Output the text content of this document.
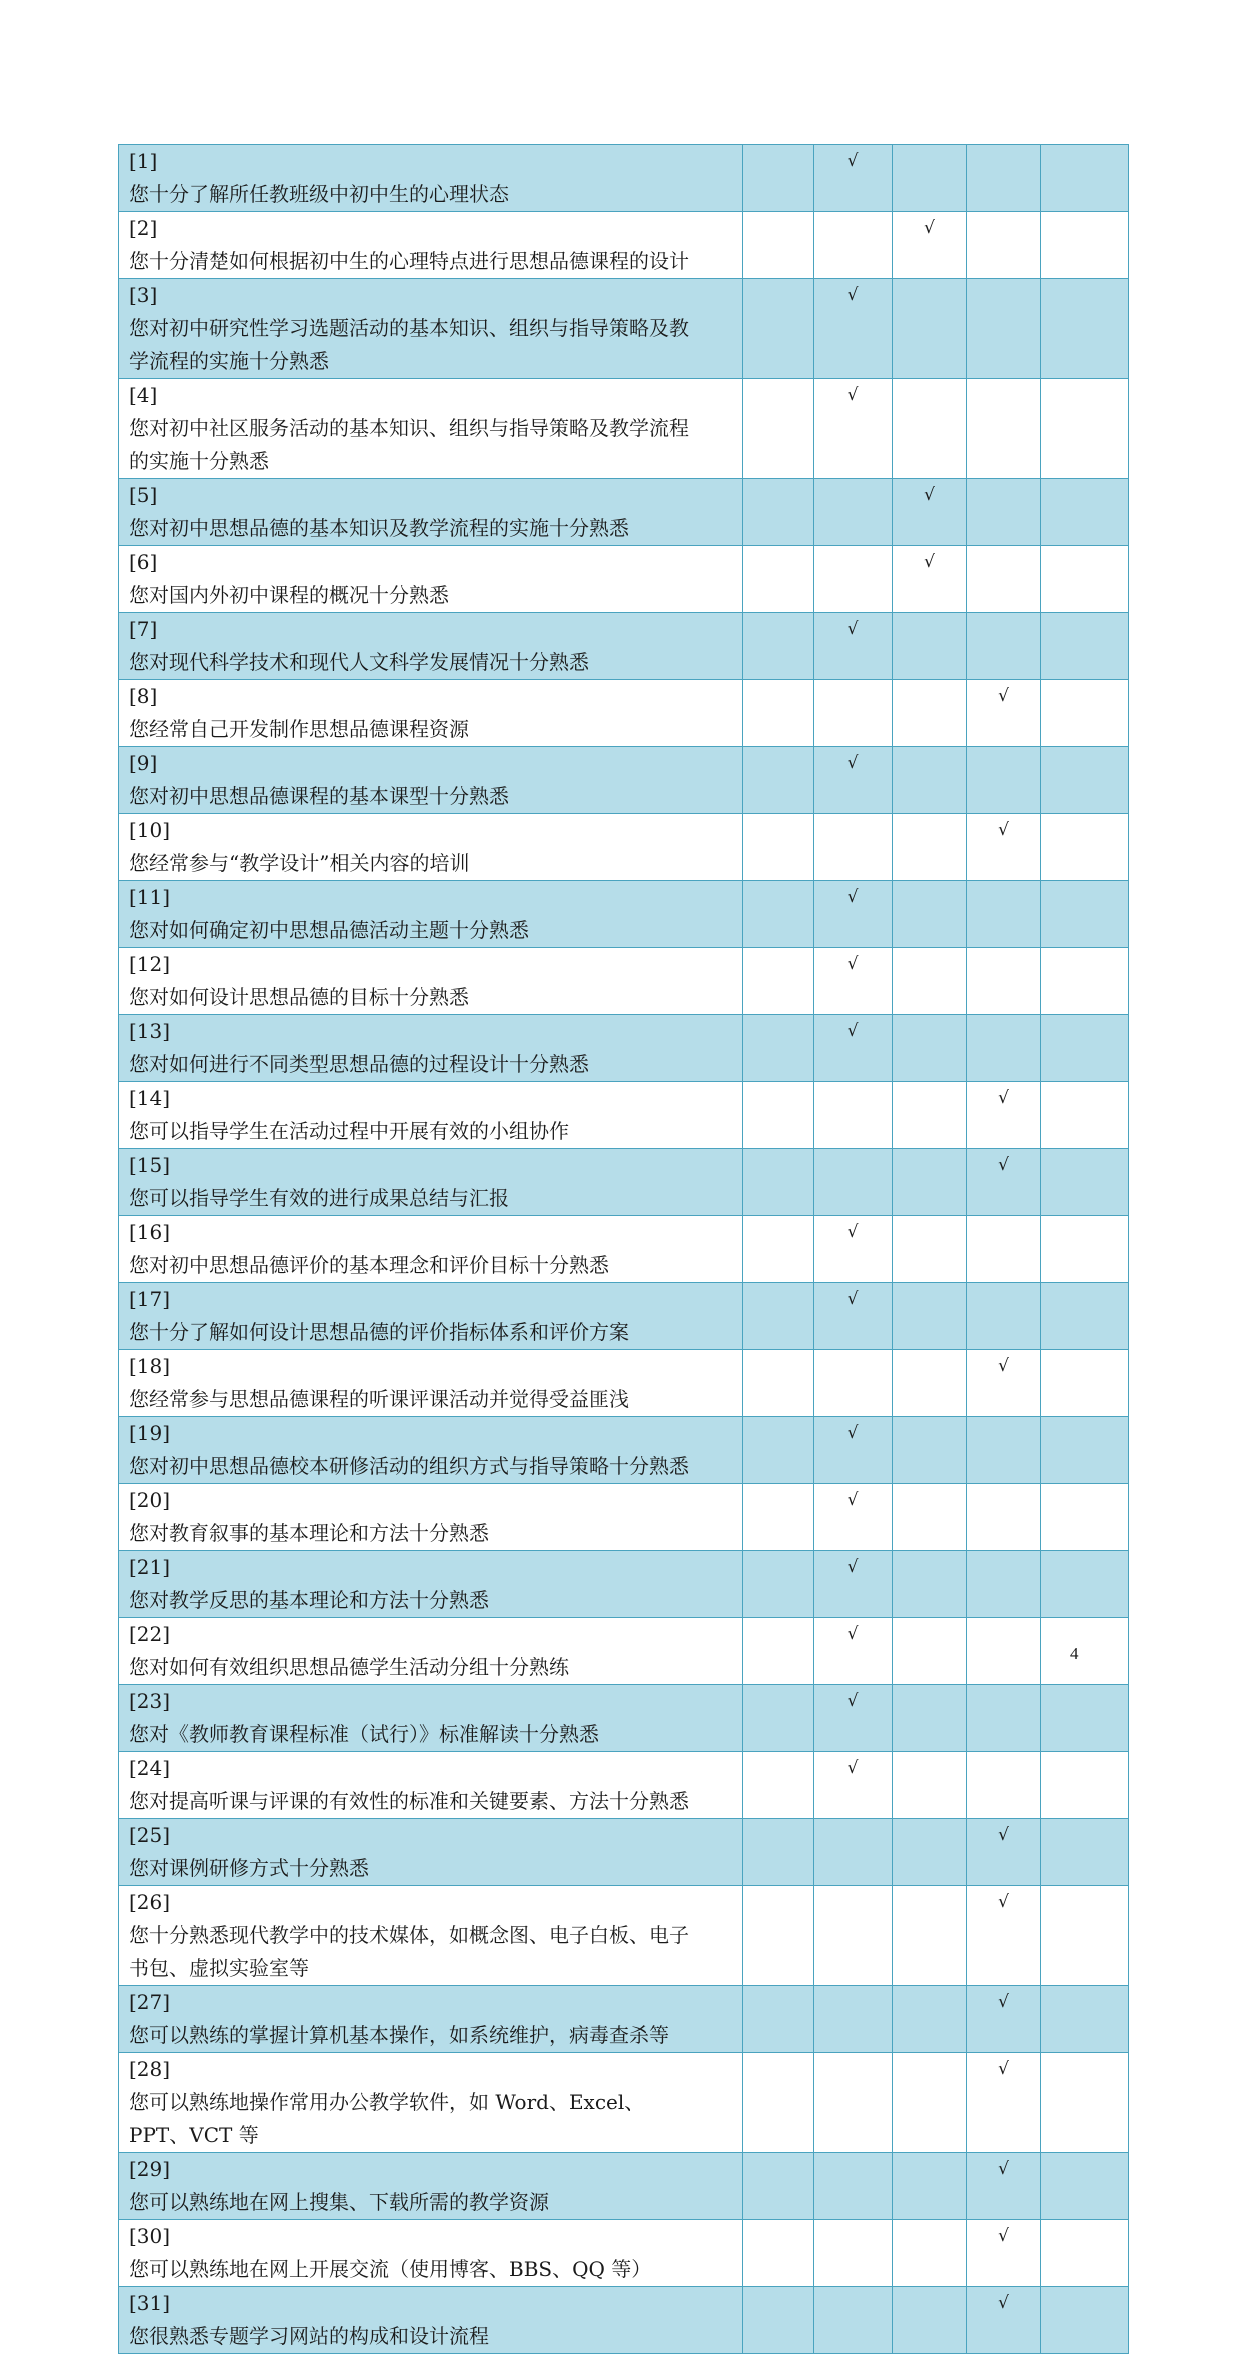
[1]您十分了解所任教班级中初中生的心理状态		√			
[2]您十分清楚如何根据初中生的心理特点进行思想品德课程的设计			√		
[3]您对初中研究性学习选题活动的基本知识、组织与指导策略及教学流程的实施十分熟悉		√			
[4]您对初中社区服务活动的基本知识、组织与指导策略及教学流程的实施十分熟悉		√			
[5]您对初中思想品德的基本知识及教学流程的实施十分熟悉			√		
[6]您对国内外初中课程的概况十分熟悉			√		
[7]您对现代科学技术和现代人文科学发展情况十分熟悉		√			
[8]您经常自己开发制作思想品德课程资源				√	
[9]您对初中思想品德课程的基本课型十分熟悉		√			
[10]您经常参与“教学设计”相关内容的培训				√	
[11]您对如何确定初中思想品德活动主题十分熟悉		√			
[12]您对如何设计思想品德的目标十分熟悉		√			
[13]您对如何进行不同类型思想品德的过程设计十分熟悉		√			
[14]您可以指导学生在活动过程中开展有效的小组协作				√	
[15]您可以指导学生有效的进行成果总结与汇报				√	
[16]您对初中思想品德评价的基本理念和评价目标十分熟悉		√			
[17]您十分了解如何设计思想品德的评价指标体系和评价方案		√			
[18]您经常参与思想品德课程的听课评课活动并觉得受益匪浅				√	
[19]您对初中思想品德校本研修活动的组织方式与指导策略十分熟悉		√			
[20]您对教育叙事的基本理论和方法十分熟悉		√			
[21]您对教学反思的基本理论和方法十分熟悉		√			
[22]您对如何有效组织思想品德学生活动分组十分熟练		√			
[23]您对《教师教育课程标准（试行）》标准解读十分熟悉		√			
[24]您对提高听课与评课的有效性的标准和关键要素、方法十分熟悉		√			
[25]您对课例研修方式十分熟悉				√	
[26]您十分熟悉现代教学中的技术媒体，如概念图、电子白板、电子书包、虚拟实验室等				√	
[27]您可以熟练的掌握计算机基本操作，如系统维护，病毒查杀等				√	
[28]您可以熟练地操作常用办公教学软件，如 Word、Excel、PPT、VCT 等				√	
[29]您可以熟练地在网上搜集、下载所需的教学资源				√	
[30]您可以熟练地在网上开展交流（使用博客、BBS、QQ 等）				√	
[31]您很熟悉专题学习网站的构成和设计流程				√	
4
